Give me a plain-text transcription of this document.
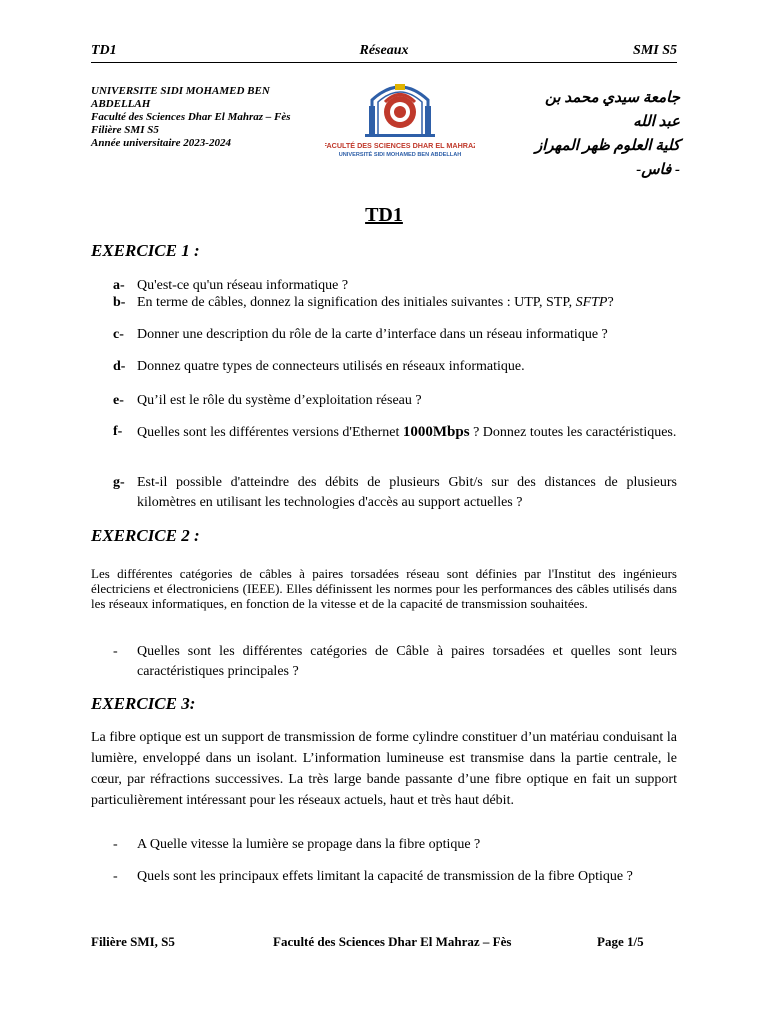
TD1	Réseaux	SMI S5
UNIVERSITE SIDI MOHAMED BEN
ABDELLAH
Faculté des Sciences Dhar El Mahraz – Fès
Filière SMI S5
Année universitaire 2023-2024	FACULTÉ DES SCIENCES DHAR EL MAHRAZ
UNIVERSITÉ SIDI MOHAMED BEN ABDELLAH
جامعة سيدي محمد بن عبد الله
كلية العلوم ظهر المهراز
- فاس-
TD1
EXERCICE 1 :
a- Qu'est-ce qu'un réseau informatique ?
b- En terme de câbles, donnez la signification des initiales suivantes : UTP, STP, SFTP?
c- Donner une description du rôle de la carte d’interface dans un réseau informatique ?
d- Donnez quatre types de connecteurs utilisés en réseaux informatique.
e- Qu’il est le rôle du système d’exploitation réseau ?
f- Quelles sont les différentes versions d'Ethernet 1000Mbps ? Donnez toutes les caractéristiques.
g- Est-il possible d'atteindre des débits de plusieurs Gbit/s sur des distances de plusieurs kilomètres en utilisant les technologies d'accès au support actuelles ?
EXERCICE 2 :
Les différentes catégories de câbles à paires torsadées réseau sont définies par l'Institut des ingénieurs électriciens et électroniciens (IEEE). Elles définissent les normes pour les performances des câbles utilisés dans les réseaux informatiques, en fonction de la vitesse et de la capacité de transmission souhaitées.
- Quelles sont les différentes catégories de Câble à paires torsadées et quelles sont leurs caractéristiques principales ?
EXERCICE 3:
La fibre optique est un support de transmission de forme cylindre constituer d’un matériau conduisant la lumière, enveloppé dans un isolant. L’information lumineuse est transmise dans la partie centrale, le cœur, par réfractions successives. La très large bande passante d’une fibre optique en fait un support particulièrement intéressant pour les réseaux actuels, haut et très haut débit.
- A Quelle vitesse la lumière se propage dans la fibre optique ?
- Quels sont les principaux effets limitant la capacité de transmission de la fibre Optique ?
Filière SMI, S5	Faculté des Sciences Dhar El Mahraz – Fès	Page 1/5
